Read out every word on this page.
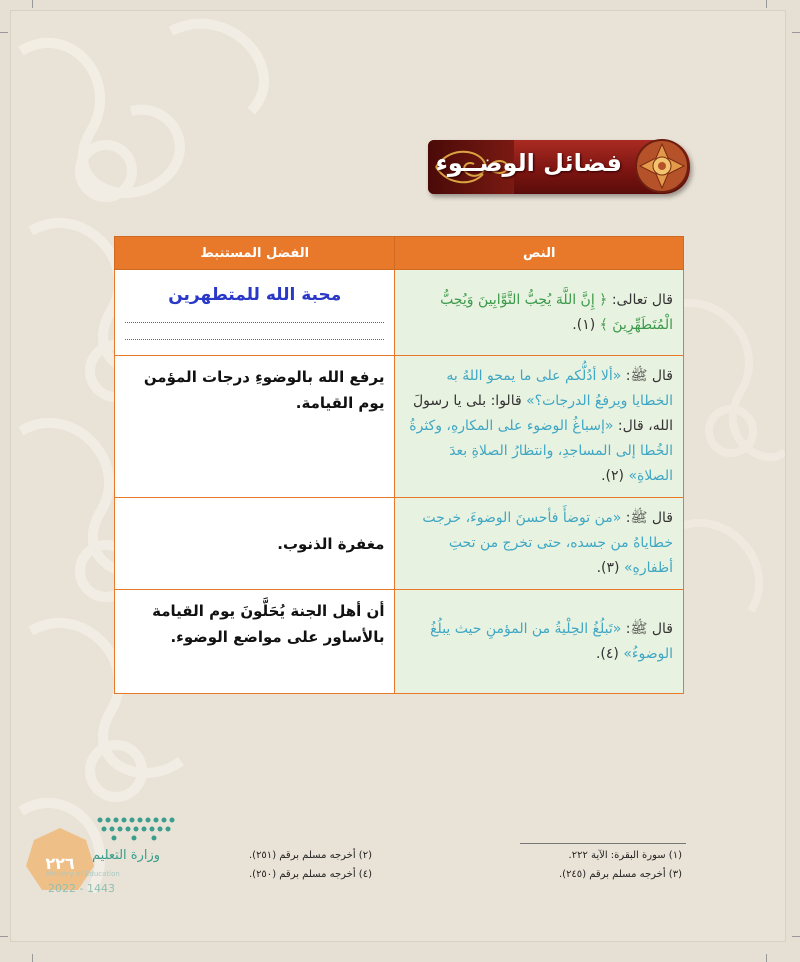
فضائل الوضــوء
النص	الفضل المستنبط
قال تعالى: ﴿ إِنَّ اللَّهَ يُحِبُّ التَّوَّابِينَ وَيُحِبُّ الْمُتَطَهِّرِينَ ﴾ (١).	محبة الله للمتطهرين

قال ﷺ: «ألا أدُلُّكم على ما يمحو اللهُ به الخطايا ويرفعُ الدرجات؟» قالوا: بلى يا رسولَ الله، قال: «إسباغُ الوضوء على المكارهِ، وكثرةُ الخُطا إلى المساجدِ، وانتظارُ الصلاةِ بعدَ الصلاةِ» (٢).	يرفع الله بالوضوءِ درجات المؤمن يوم القيامة.
قال ﷺ: «من توضأَ فأحسنَ الوضوءَ، خرجت خطاياهُ من جسده، حتى تخرج من تحتِ أظفارهِ» (٣).	مغفرة الذنوب.
قال ﷺ: «تَبلُغُ الحِلْيةُ من المؤمنِ حيث يبلُغُ الوضوءُ» (٤).	أن أهل الجنة يُحَلَّونَ يوم القيامة بالأساور على مواضع الوضوء.
(١) سورة البقرة: الآية ٢٢٢.
(٣) أخرجه مسلم برقم (٢٤٥).
(٢) أخرجه مسلم برقم (٢٥١).
(٤) أخرجه مسلم برقم (٢٥٠).
٢٢٦	وزارة التعليم
Ministry of Education
2022 - 1443
